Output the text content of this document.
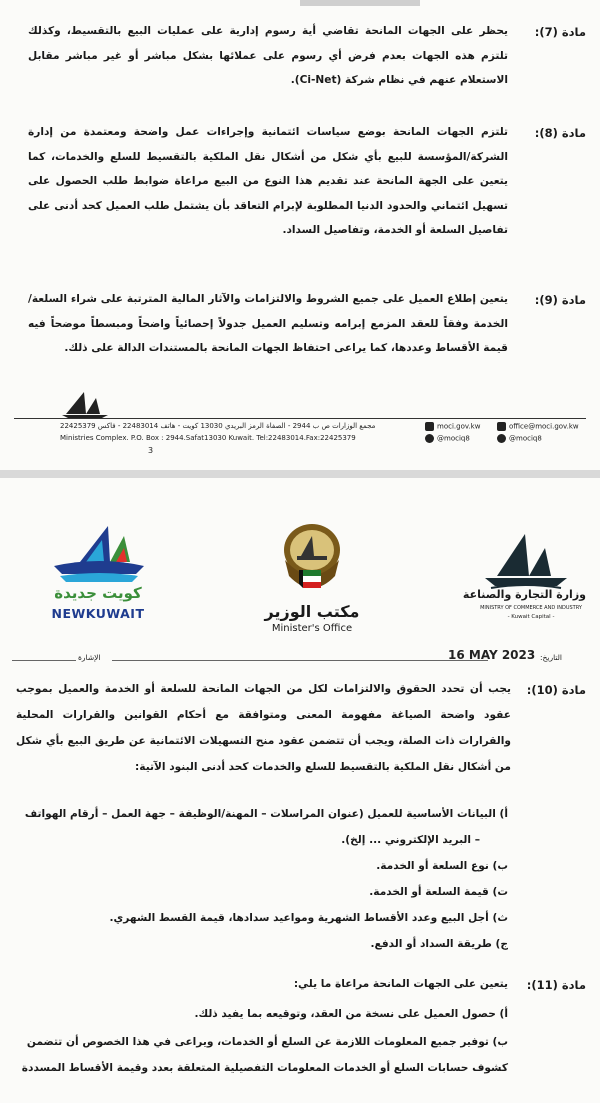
مادة (7):
يحظر على الجهات المانحة تقاضي أية رسوم إدارية على عمليات البيع بالتقسيط، وكذلك تلتزم هذه الجهات بعدم فرض أي رسوم على عملائها بشكل مباشر أو غير مباشر مقابل الاستعلام عنهم في نظام شركة (Ci-Net).
مادة (8):
تلتزم الجهات المانحة بوضع سياسات ائتمانية وإجراءات عمل واضحة ومعتمدة من إدارة الشركة/المؤسسة للبيع بأي شكل من أشكال نقل الملكية بالتقسيط للسلع والخدمات، كما يتعين على الجهة المانحة عند تقديم هذا النوع من البيع مراعاة ضوابط طلب الحصول على تسهيل ائتماني والحدود الدنيا المطلوبة لإبرام التعاقد بأن يشتمل طلب العميل كحد أدنى على تفاصيل السلعة أو الخدمة، وتفاصيل السداد.
مادة (9):
يتعين إطلاع العميل على جميع الشروط والالتزامات والآثار المالية المترتبة على شراء السلعة/الخدمة وفقاً للعقد المزمع إبرامه وتسليم العميل جدولاً إحصائياً واضحاً ومبسطاً موضحاً فيه قيمة الأقساط وعددها، كما يراعى احتفاظ الجهات المانحة بالمستندات الدالة على ذلك.
مجمع الوزارات ص ب 2944 - الصفاة الرمز البريدي 13030 كويت - هاتف 22483014 - فاكس 22425379
Ministries Complex. P.O. Box : 2944.Safat13030 Kuwait. Tel:22483014.Fax:22425379
3
moci.gov.kw	office@moci.gov.kw
@mociq8	@mociq8
كويت جديدة
NEWKUWAIT	مكتب الوزير
Minister's Office
وزارة التجارة والصناعة
MINISTRY OF COMMERCE AND INDUSTRY
- Kuwait Capital -
الإشارة	التاريخ:
16 MAY 2023
مادة (10):
يجب أن تحدد الحقوق والالتزامات لكل من الجهات المانحة للسلعة أو الخدمة والعميل بموجب عقود واضحة الصياغة مفهومة المعنى ومتوافقة مع أحكام القوانين والقرارات المحلية والقرارات ذات الصلة، ويجب أن تتضمن عقود منح التسهيلات الائتمانية عن طريق البيع بأي شكل من أشكال نقل الملكية بالتقسيط للسلع والخدمات كحد أدنى البنود الآتية:
أ) البيانات الأساسية للعميل (عنوان المراسلات – المهنة/الوظيفة – جهة العمل – أرقام الهواتف
– البريد الإلكتروني ... إلخ).
ب) نوع السلعة أو الخدمة.
ت) قيمة السلعة أو الخدمة.
ث) أجل البيع وعدد الأقساط الشهرية ومواعيد سدادها، قيمة القسط الشهري.
ج) طريقة السداد أو الدفع.
مادة (11):
يتعين على الجهات المانحة مراعاة ما يلي:
أ) حصول العميل على نسخة من العقد، وتوقيعه بما يفيد ذلك.
ب) توفير جميع المعلومات اللازمة عن السلع أو الخدمات، ويراعى في هذا الخصوص أن تتضمن
كشوف حسابات السلع أو الخدمات المعلومات التفصيلية المتعلقة بعدد وقيمة الأقساط المسددة
